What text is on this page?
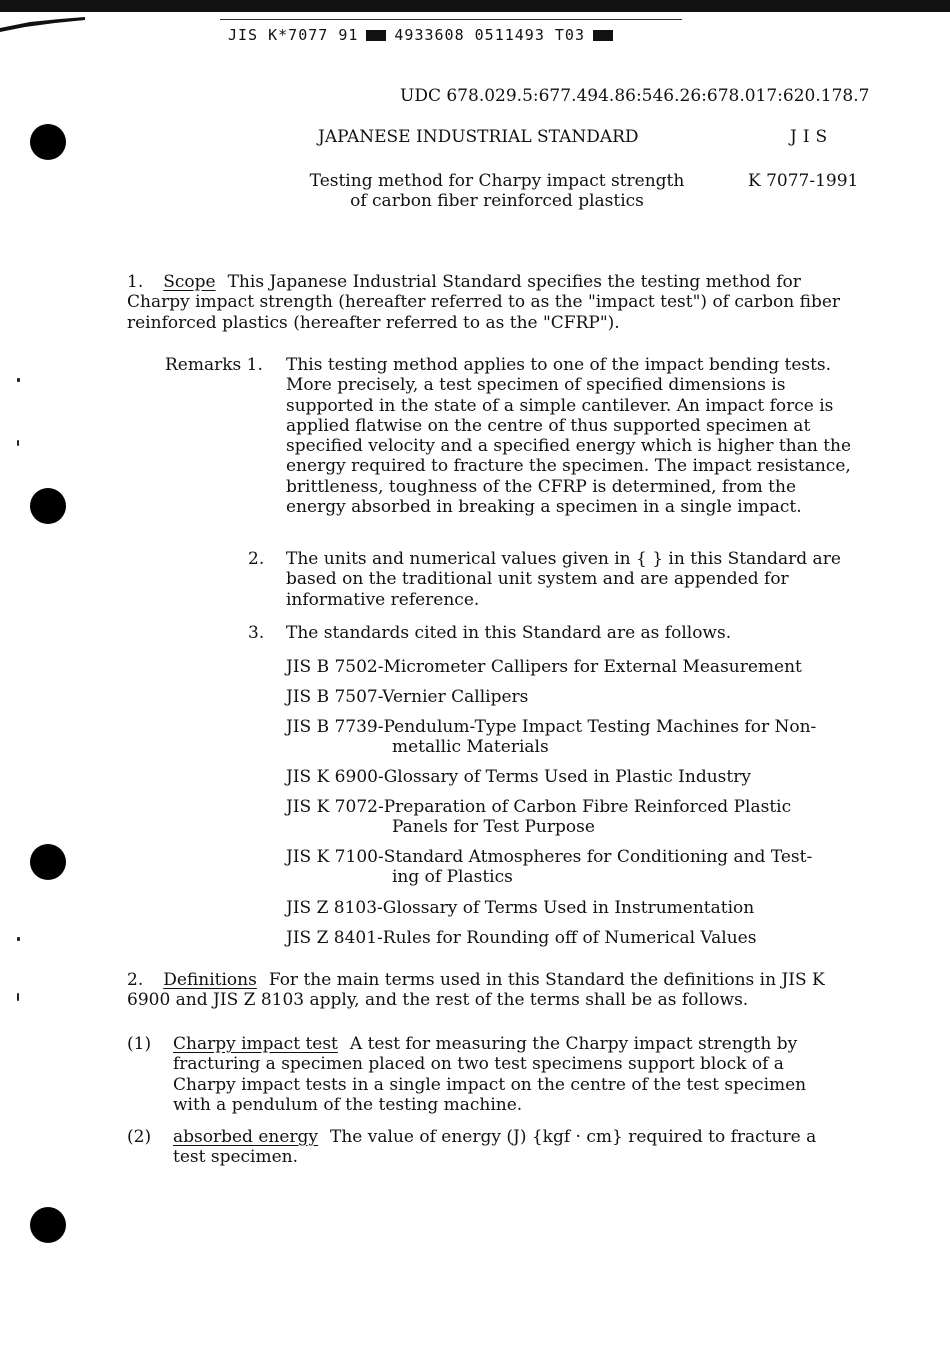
JIS K*7077 91 4933608 0511493 T03
UDC 678.029.5:677.494.86:546.26:678.017:620.178.7
JAPANESE INDUSTRIAL STANDARD	JIS
Testing method for Charpy impact strength
of carbon fiber reinforced plastics
K 7077-1991
1. Scope This Japanese Industrial Standard specifies the testing method for Charpy impact strength (hereafter referred to as the "impact test") of carbon fiber reinforced plastics (hereafter referred to as the "CFRP").
Remarks 1. This testing method applies to one of the impact bending tests. More precisely, a test specimen of specified dimensions is supported in the state of a simple cantilever. An impact force is applied flatwise on the centre of thus supported specimen at specified velocity and a specified energy which is higher than the energy required to fracture the specimen. The impact resistance, brittleness, toughness of the CFRP is determined, from the energy absorbed in breaking a specimen in a single impact.
2. The units and numerical values given in { } in this Standard are based on the traditional unit system and are appended for informative reference.
3. The standards cited in this Standard are as follows.
JIS B 7502-Micrometer Callipers for External Measurement
JIS B 7507-Vernier Callipers
JIS B 7739-Pendulum-Type Impact Testing Machines for Non-
metallic Materials
JIS K 6900-Glossary of Terms Used in Plastic Industry
JIS K 7072-Preparation of Carbon Fibre Reinforced Plastic
Panels for Test Purpose
JIS K 7100-Standard Atmospheres for Conditioning and Test-
ing of Plastics
JIS Z 8103-Glossary of Terms Used in Instrumentation
JIS Z 8401-Rules for Rounding off of Numerical Values
2. Definitions For the main terms used in this Standard the definitions in JIS K 6900 and JIS Z 8103 apply, and the rest of the terms shall be as follows.
(1) Charpy impact test A test for measuring the Charpy impact strength by fracturing a specimen placed on two test specimens support block of a Charpy impact tests in a single impact on the centre of the test specimen with a pendulum of the testing machine.
(2) absorbed energy The value of energy (J) {kgf · cm} required to fracture a test specimen.
